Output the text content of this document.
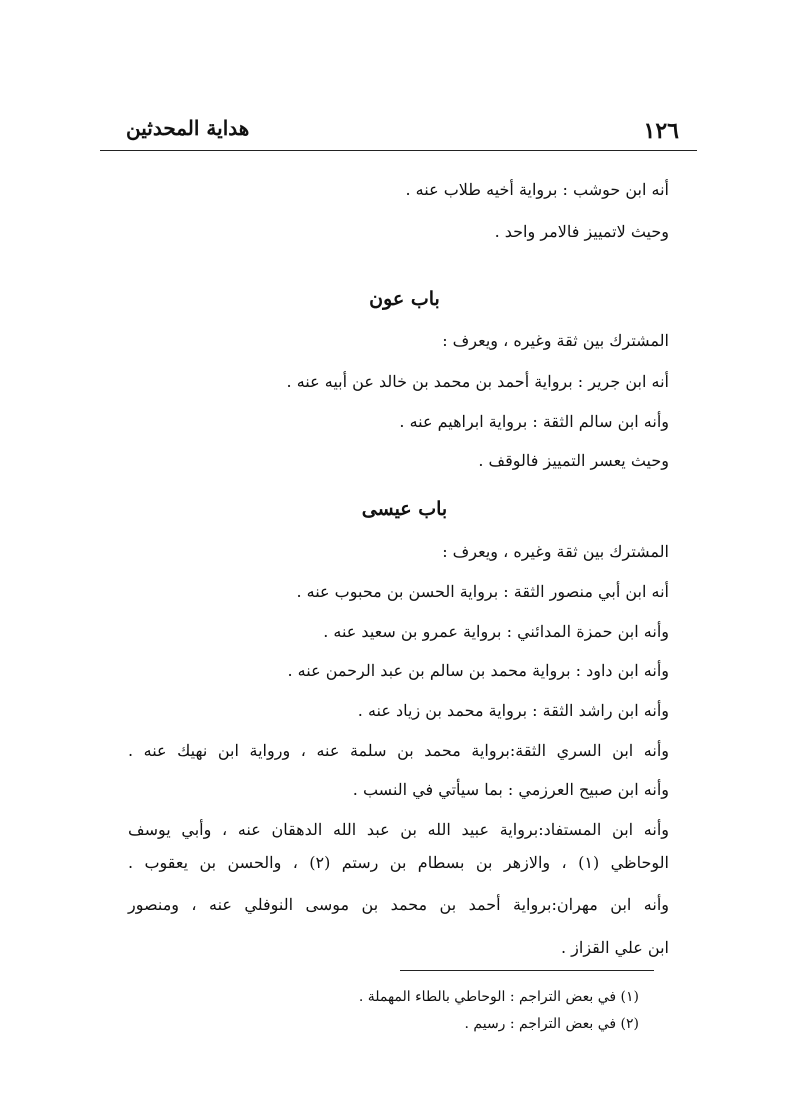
١٢٦
هداية المحدثين
أنه ابن حوشب : برواية أخيه طلاب عنه .
وحيث لاتمييز فالامر واحد .
باب عون
المشترك بين ثقة وغيره ، ويعرف :
أنه ابن جرير : برواية أحمد بن محمد بن خالد عن أبيه عنه .
وأنه ابن سالم الثقة : برواية ابراهيم عنه .
وحيث يعسر التمييز فالوقف .
باب عيسى
المشترك بين ثقة وغيره ، ويعرف :
أنه ابن أبي منصور الثقة : برواية الحسن بن محبوب عنه .
وأنه ابن حمزة المدائني : برواية عمرو بن سعيد عنه .
وأنه ابن داود : برواية محمد بن سالم بن عبد الرحمن عنه .
وأنه ابن راشد الثقة : برواية محمد بن زياد عنه .
وأنه ابن السري الثقة:برواية محمد بن سلمة عنه ، ورواية ابن نهيك عنه .
وأنه ابن صبيح العرزمي : بما سيأتي في النسب .
وأنه ابن المستفاد:برواية عبيد الله بن عبد الله الدهقان عنه ، وأبي يوسف
الوحاظي (١) ، والازهر بن بسطام بن رستم (٢) ، والحسن بن يعقوب .
وأنه ابن مهران:برواية أحمد بن محمد بن موسى النوفلي عنه ، ومنصور
ابن علي القزاز .
(١) في بعض التراجم : الوحاطي بالطاء المهملة .
(٢) في بعض التراجم : رسيم .
